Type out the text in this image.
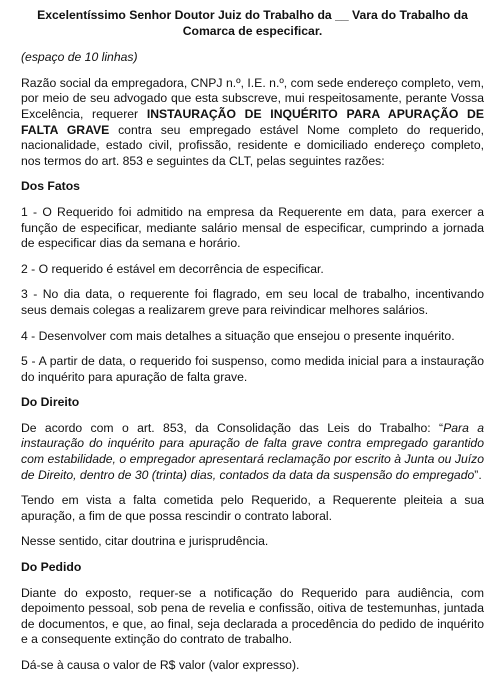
Excelentíssimo Senhor Doutor Juiz do Trabalho da __ Vara do Trabalho da Comarca de especificar.
(espaço de 10 linhas)
Razão social da empregadora, CNPJ n.º, I.E. n.º, com sede endereço completo, vem, por meio de seu advogado que esta subscreve, mui respeitosamente, perante Vossa Excelência, requerer INSTAURAÇÃO DE INQUÉRITO PARA APURAÇÃO DE FALTA GRAVE contra seu empregado estável Nome completo do requerido, nacionalidade, estado civil, profissão, residente e domiciliado endereço completo, nos termos do art. 853 e seguintes da CLT, pelas seguintes razões:
Dos Fatos
1 - O Requerido foi admitido na empresa da Requerente em data, para exercer a função de especificar, mediante salário mensal de especificar, cumprindo a jornada de especificar dias da semana e horário.
2 - O requerido é estável em decorrência de especificar.
3 - No dia data, o requerente foi flagrado, em seu local de trabalho, incentivando seus demais colegas a realizarem greve para reivindicar melhores salários.
4 - Desenvolver com mais detalhes a situação que ensejou o presente inquérito.
5 - A partir de data, o requerido foi suspenso, como medida inicial para a instauração do inquérito para apuração de falta grave.
Do Direito
De acordo com o art. 853, da Consolidação das Leis do Trabalho: “Para a instauração do inquérito para apuração de falta grave contra empregado garantido com estabilidade, o empregador apresentará reclamação por escrito à Junta ou Juízo de Direito, dentro de 30 (trinta) dias, contados da data da suspensão do empregado”.
Tendo em vista a falta cometida pelo Requerido, a Requerente pleiteia a sua apuração, a fim de que possa rescindir o contrato laboral.
Nesse sentido, citar doutrina e jurisprudência.
Do Pedido
Diante do exposto, requer-se a notificação do Requerido para audiência, com depoimento pessoal, sob pena de revelia e confissão, oitiva de testemunhas, juntada de documentos, e que, ao final, seja declarada a procedência do pedido de inquérito e a consequente extinção do contrato de trabalho.
Dá-se à causa o valor de R$ valor (valor expresso).
